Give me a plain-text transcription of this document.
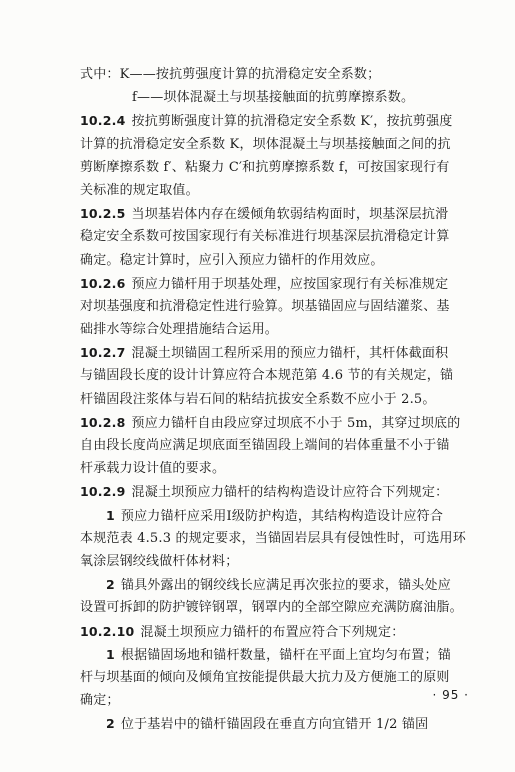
式中：K——按抗剪强度计算的抗滑稳定安全系数；
f——坝体混凝土与坝基接触面的抗剪摩擦系数。
10.2.4 按抗剪断强度计算的抗滑稳定安全系数 K′，按抗剪强度
计算的抗滑稳定安全系数 K，坝体混凝土与坝基接触面之间的抗
剪断摩擦系数 f′、粘聚力 C′和抗剪摩擦系数 f，可按国家现行有
关标准的规定取值。
10.2.5 当坝基岩体内存在缓倾角软弱结构面时，坝基深层抗滑
稳定安全系数可按国家现行有关标准进行坝基深层抗滑稳定计算
确定。稳定计算时，应引入预应力锚杆的作用效应。
10.2.6 预应力锚杆用于坝基处理，应按国家现行有关标准规定
对坝基强度和抗滑稳定性进行验算。坝基锚固应与固结灌浆、基
础排水等综合处理措施结合运用。
10.2.7 混凝土坝锚固工程所采用的预应力锚杆，其杆体截面积
与锚固段长度的设计计算应符合本规范第 4.6 节的有关规定，锚
杆锚固段注浆体与岩石间的粘结抗拔安全系数不应小于 2.5。
10.2.8 预应力锚杆自由段应穿过坝底不小于 5m，其穿过坝底的
自由段长度尚应满足坝底面至锚固段上端间的岩体重量不小于锚
杆承载力设计值的要求。
10.2.9 混凝土坝预应力锚杆的结构构造设计应符合下列规定：
1 预应力锚杆应采用Ⅰ级防护构造，其结构构造设计应符合
本规范表 4.5.3 的规定要求，当锚固岩层具有侵蚀性时，可选用环
氧涂层钢绞线做杆体材料；
2 锚具外露出的钢绞线长应满足再次张拉的要求，锚头处应
设置可拆卸的防护镀锌钢罩，钢罩内的全部空隙应充满防腐油脂。
10.2.10 混凝土坝预应力锚杆的布置应符合下列规定：
1 根据锚固场地和锚杆数量，锚杆在平面上宜均匀布置；锚
杆与坝基面的倾向及倾角宜按能提供最大抗力及方便施工的原则
确定；
2 位于基岩中的锚杆锚固段在垂直方向宜错开 1/2 锚固
· 95 ·
